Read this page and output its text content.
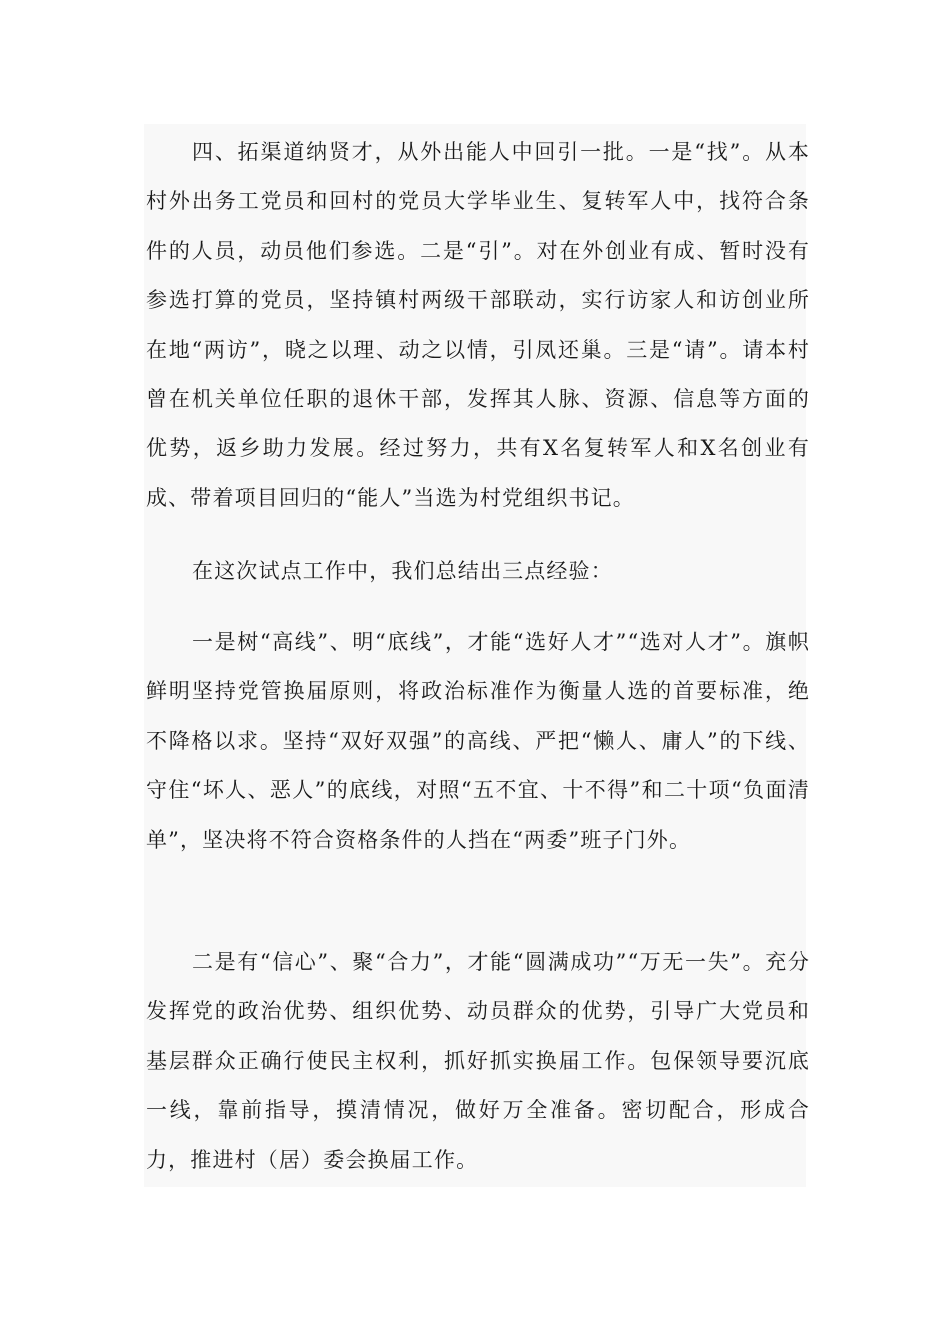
四、拓渠道纳贤才，从外出能人中回引一批。一是“找”。从本村外出务工党员和回村的党员大学毕业生、复转军人中，找符合条件的人员，动员他们参选。二是“引”。对在外创业有成、暂时没有参选打算的党员，坚持镇村两级干部联动，实行访家人和访创业所在地“两访”，晓之以理、动之以情，引凤还巢。三是“请”。请本村曾在机关单位任职的退休干部，发挥其人脉、资源、信息等方面的优势，返乡助力发展。经过努力，共有X名复转军人和X名创业有成、带着项目回归的“能人”当选为村党组织书记。

在这次试点工作中，我们总结出三点经验：

一是树“高线”、明“底线”，才能“选好人才”“选对人才”。旗帜鲜明坚持党管换届原则，将政治标准作为衡量人选的首要标准，绝不降格以求。坚持“双好双强”的高线、严把“懒人、庸人”的下线、守住“坏人、恶人”的底线，对照“五不宜、十不得”和二十项“负面清单”，坚决将不符合资格条件的人挡在“两委”班子门外。

二是有“信心”、聚“合力”，才能“圆满成功”“万无一失”。充分发挥党的政治优势、组织优势、动员群众的优势，引导广大党员和基层群众正确行使民主权利，抓好抓实换届工作。包保领导要沉底一线，靠前指导，摸清情况，做好万全准备。密切配合，形成合力，推进村（居）委会换届工作。
